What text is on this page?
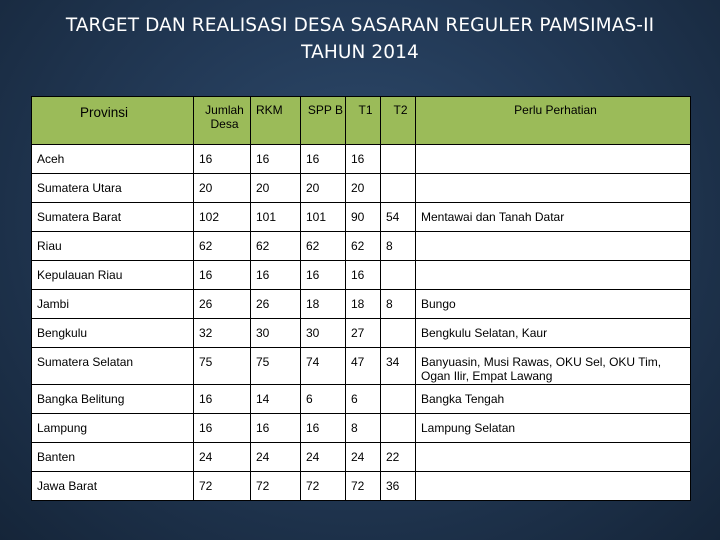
TARGET DAN REALISASI DESA SASARAN REGULER PAMSIMAS-II
TAHUN 2014
Provinsi	Jumlah Desa	RKM	SPP B	T1	T2	Perlu Perhatian
Aceh	16	16	16	16		
Sumatera Utara	20	20	20	20		
Sumatera Barat	102	101	101	90	54	Mentawai dan Tanah Datar
Riau	62	62	62	62	8	
Kepulauan Riau	16	16	16	16		
Jambi	26	26	18	18	8	Bungo
Bengkulu	32	30	30	27		Bengkulu Selatan, Kaur
Sumatera Selatan	75	75	74	47	34	Banyuasin, Musi Rawas, OKU Sel, OKU Tim, Ogan Ilir, Empat Lawang
Bangka Belitung	16	14	6	6		Bangka Tengah
Lampung	16	16	16	8		Lampung Selatan
Banten	24	24	24	24	22	
Jawa Barat	72	72	72	72	36	
